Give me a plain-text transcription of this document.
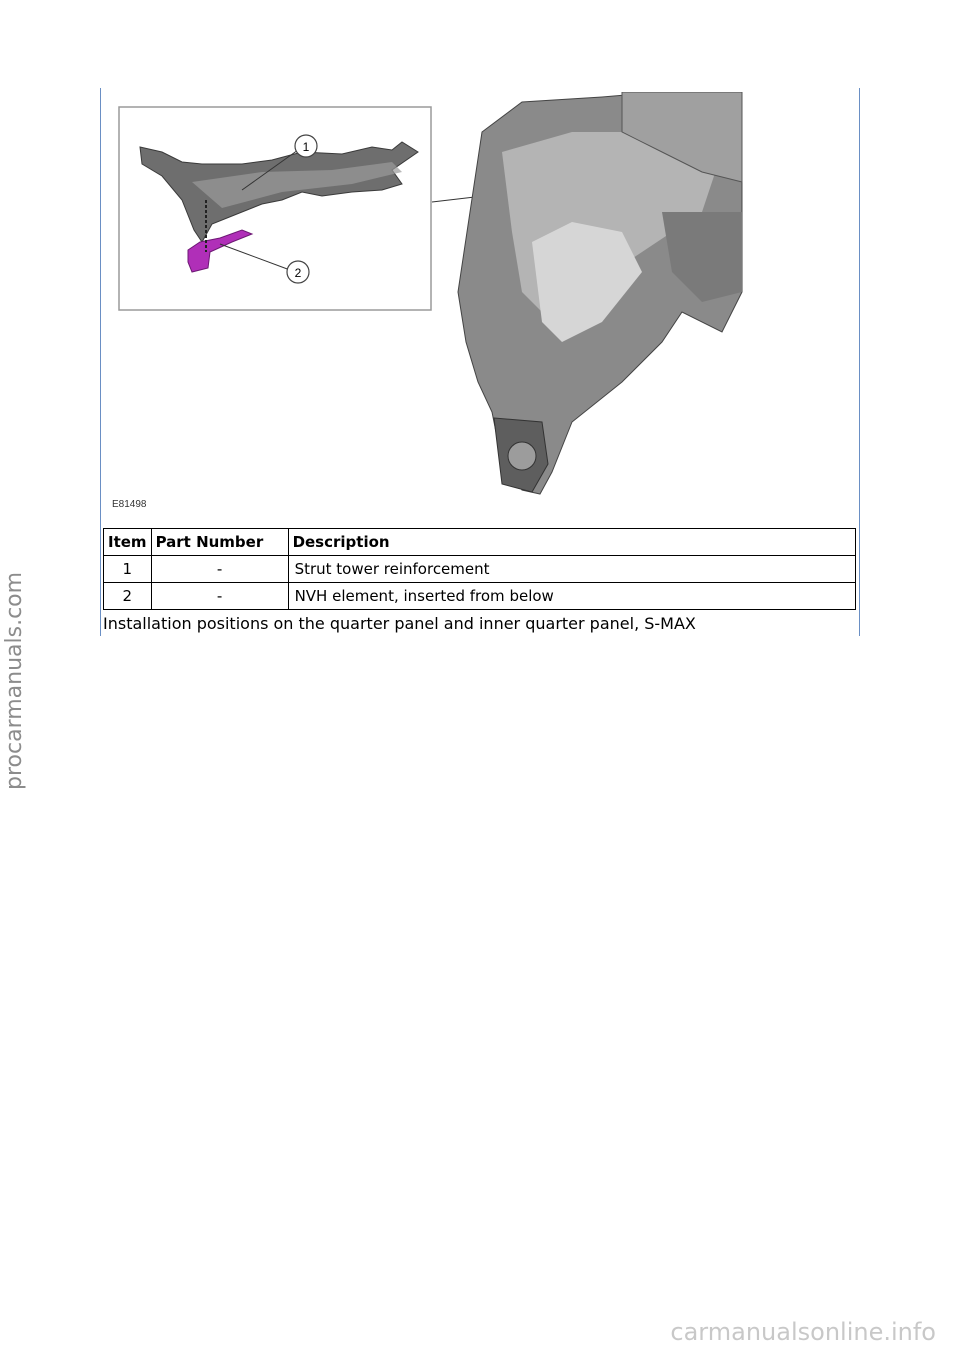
1
2
E81498
Item	Part Number	Description
1	-	Strut tower reinforcement
2	-	NVH element, inserted from below
Installation positions on the quarter panel and inner quarter panel, S-MAX
procarmanuals.com
carmanualsonline.info
